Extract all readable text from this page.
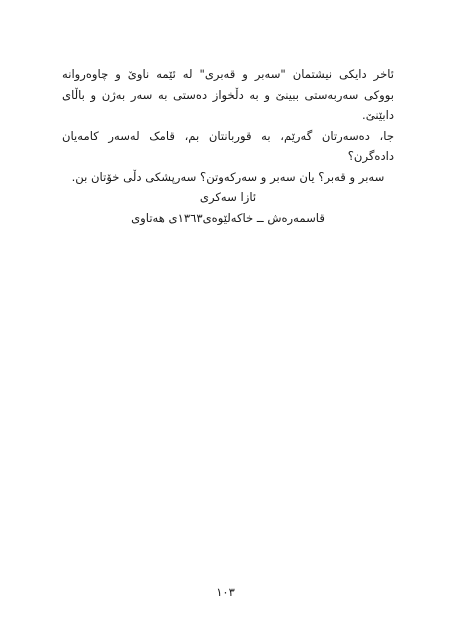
ئاخر دایکی نیشتمان "سەبر و قەبری" لە ئێمە ناوێ و چاوەروانە بووکی سەربەستی ببینێ و بە دڵخواز دەستی بە سەر بەژن و باڵای دابێنێ.

جا، دەسەرتان گەرێم، بە قوربانتان بم، قامک لەسەر کامەیان دادەگرن؟

سەبر و قەبر؟ یان سەبر و سەرکەوتن؟ سەرپشکی دڵی خۆتان بن.

ئازا سەکری

قاسمەرەش ــ خاکەلێوەی١٣٦٣ی هەتاوی

١٠٣
